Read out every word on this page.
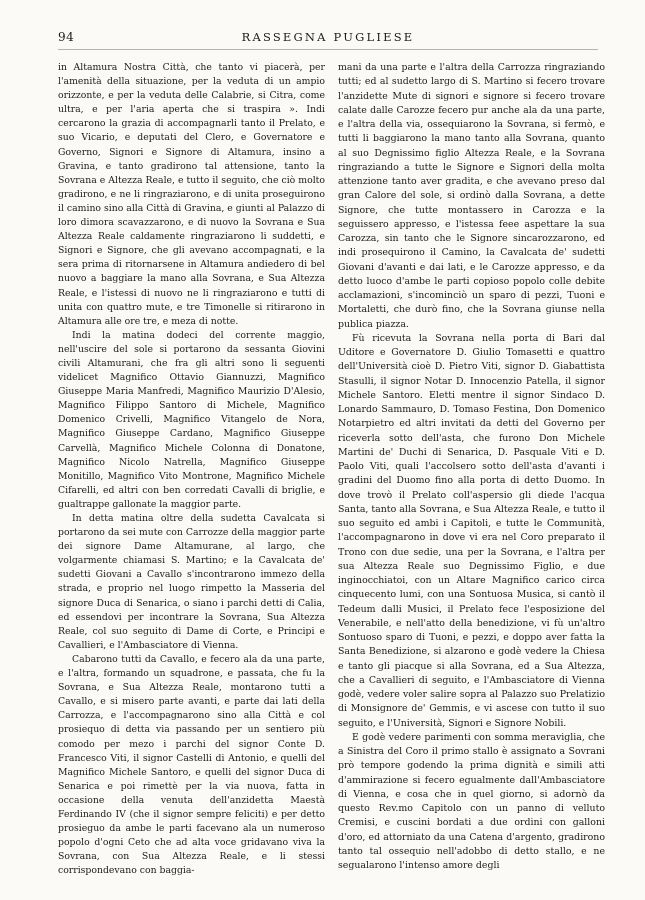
94	RASSEGNA PUGLIESE

in Altamura Nostra Città, che tanto vi piacerà, per l'amenità della situazione, per la veduta di un ampio orizzonte, e per la veduta delle Calabrie, si Citra, come ultra, e per l'aria aperta che si traspira ». Indi cercarono la grazia di accompagnarli tanto il Prelato, e suo Vicario, e deputati del Clero, e Governatore e Governo, Signori e Signore di Altamura, insino a Gravina, e tanto gradirono tal attensione, tanto la Sovrana e Altezza Reale, e tutto il seguito, che ciò molto gradirono, e ne li ringraziarono, e di unita proseguirono il camino sino alla Città di Gravina, e giunti al Palazzo di loro dimora scavazzarono, e di nuovo la Sovrana e Sua Altezza Reale caldamente ringraziarono li suddetti, e Signori e Signore, che gli avevano accompagnati, e la sera prima di ritornarsene in Altamura andiedero di bel nuovo a baggiare la mano alla Sovrana, e Sua Altezza Reale, e l'istessi di nuovo ne li ringraziarono e tutti di unita con quattro mute, e tre Timonelle si ritirarono in Altamura alle ore tre, e meza di notte.

Indi la matina dodeci del corrente maggio, nell'uscire del sole si portarono da sessanta Giovini civili Altamurani, che fra gli altri sono li seguenti videlicet Magnifico Ottavio Giannuzzi, Magnifico Giuseppe Maria Manfredi, Magnifico Maurizio D'Alesio, Magnifico Filippo Santoro di Michele, Magnifico Domenico Crivelli, Magnifico Vitangelo de Nora, Magnifico Giuseppe Cardano, Magnifico Giuseppe Carvellà, Magnifico Michele Colonna di Donatone, Magnifico Nicolo Natrella, Magnifico Giuseppe Monitillo, Magnifico Vito Montrone, Magnifico Michele Cifarelli, ed altri con ben corredati Cavalli di briglie, e gualtrappe gallonate la maggior parte.

In detta matina oltre della sudetta Cavalcata si portarono da sei mute con Carrozze della maggior parte dei signore Dame Altamurane, al largo, che volgarmente chiamasi S. Martino; e la Cavalcata de' sudetti Giovani a Cavallo s'incontrarono immezo della strada, e proprio nel luogo rimpetto la Masseria del signore Duca di Senarica, o siano i parchi detti di Calia, ed essendovi per incontrare la Sovrana, Sua Altezza Reale, col suo seguito di Dame di Corte, e Principi e Cavallieri, e l'Ambasciatore di Vienna.

Cabarono tutti da Cavallo, e fecero ala da una parte, e l'altra, formando un squadrone, e passata, che fu la Sovrana, e Sua Altezza Reale, montarono tutti a Cavallo, e si misero parte avanti, e parte dai lati della Carrozza, e l'accompagnarono sino alla Città e col prosiequo di detta via passando per un sentiero più comodo per mezo i parchi del signor Conte D. Francesco Viti, il signor Castelli di Antonio, e quelli del Magnifico Michele Santoro, e quelli del signor Duca di Senarica e poi rimettè per la via nuova, fatta in occasione della venuta dell'anzidetta Maestà Ferdinando IV (che il signor sempre feliciti) e per detto prosieguo da ambe le parti facevano ala un numeroso popolo d'ogni Ceto che ad alta voce gridavano viva la Sovrana, con Sua Altezza Reale, e li stessi corrispondevano con baggia-

mani da una parte e l'altra della Carrozza ringraziando tutti; ed al sudetto largo di S. Martino si fecero trovare l'anzidette Mute di signori e signore si fecero trovare calate dalle Carozze fecero pur anche ala da una parte, e l'altra della via, ossequiarono la Sovrana, si fermò, e tutti li baggiarono la mano tanto alla Sovrana, quanto al suo Degnissimo figlio Altezza Reale, e la Sovrana ringraziando a tutte le Signore e Signori della molta attenzione tanto aver gradita, e che avevano preso dal gran Calore del sole, si ordinò dalla Sovrana, a dette Signore, che tutte montassero in Carozza e la seguissero appresso, e l'istessa feee aspettare la sua Carozza, sin tanto che le Signore sincarozzarono, ed indi prosequirono il Camino, la Cavalcata de' sudetti Giovani d'avanti e dai lati, e le Carozze appresso, e da detto luoco d'ambe le parti copioso popolo colle debite acclamazioni, s'incominciò un sparo di pezzi, Tuoni e Mortaletti, che durò fino, che la Sovrana giunse nella publica piazza.

Fù ricevuta la Sovrana nella porta di Bari dal Uditore e Governatore D. Giulio Tomasetti e quattro dell'Università cioè D. Pietro Viti, signor D. Giabattista Stasulli, il signor Notar D. Innocenzio Patella, il signor Michele Santoro. Eletti mentre il signor Sindaco D. Lonardo Sammauro, D. Tomaso Festina, Don Domenico Notarpietro ed altri invitati da detti del Governo per riceverla sotto dell'asta, che furono Don Michele Martini de' Duchi di Senarica, D. Pasquale Viti e D. Paolo Viti, quali l'accolsero sotto dell'asta d'avanti i gradini del Duomo fino alla porta di detto Duomo. In dove trovò il Prelato coll'aspersio gli diede l'acqua Santa, tanto alla Sovrana, e Sua Altezza Reale, e tutto il suo seguito ed ambi i Capitoli, e tutte le Communità, l'accompagnarono in dove vi era nel Coro preparato il Trono con due sedie, una per la Sovrana, e l'altra per sua Altezza Reale suo Degnissimo Figlio, e due inginocchiatoi, con un Altare Magnifico carico circa cinquecento lumi, con una Sontuosa Musica, si cantò il Tedeum dalli Musici, il Prelato fece l'esposizione del Venerabile, e nell'atto della benedizione, vi fù un'altro Sontuoso sparo di Tuoni, e pezzi, e doppo aver fatta la Santa Benedizione, si alzarono e godè vedere la Chiesa e tanto gli piacque si alla Sovrana, ed a Sua Altezza, che a Cavallieri di seguito, e l'Ambasciatore di Vienna godè, vedere voler salire sopra al Palazzo suo Prelatizio di Monsignore de' Gemmis, e vi ascese con tutto il suo seguito, e l'Università, Signori e Signore Nobili.

E godè vedere parimenti con somma meraviglia, che a Sinistra del Coro il primo stallo è assignato a Sovrani prò tempore godendo la prima dignità e simili atti d'ammirazione si fecero egualmente dall'Ambasciatore di Vienna, e cosa che in quel giorno, si adornò da questo Rev.mo Capitolo con un panno di velluto Cremisi, e cuscini bordati a due ordini con galloni d'oro, ed attorniato da una Catena d'argento, gradirono tanto tal ossequio nell'adobbo di detto stallo, e ne segualarono l'intenso amore degli
